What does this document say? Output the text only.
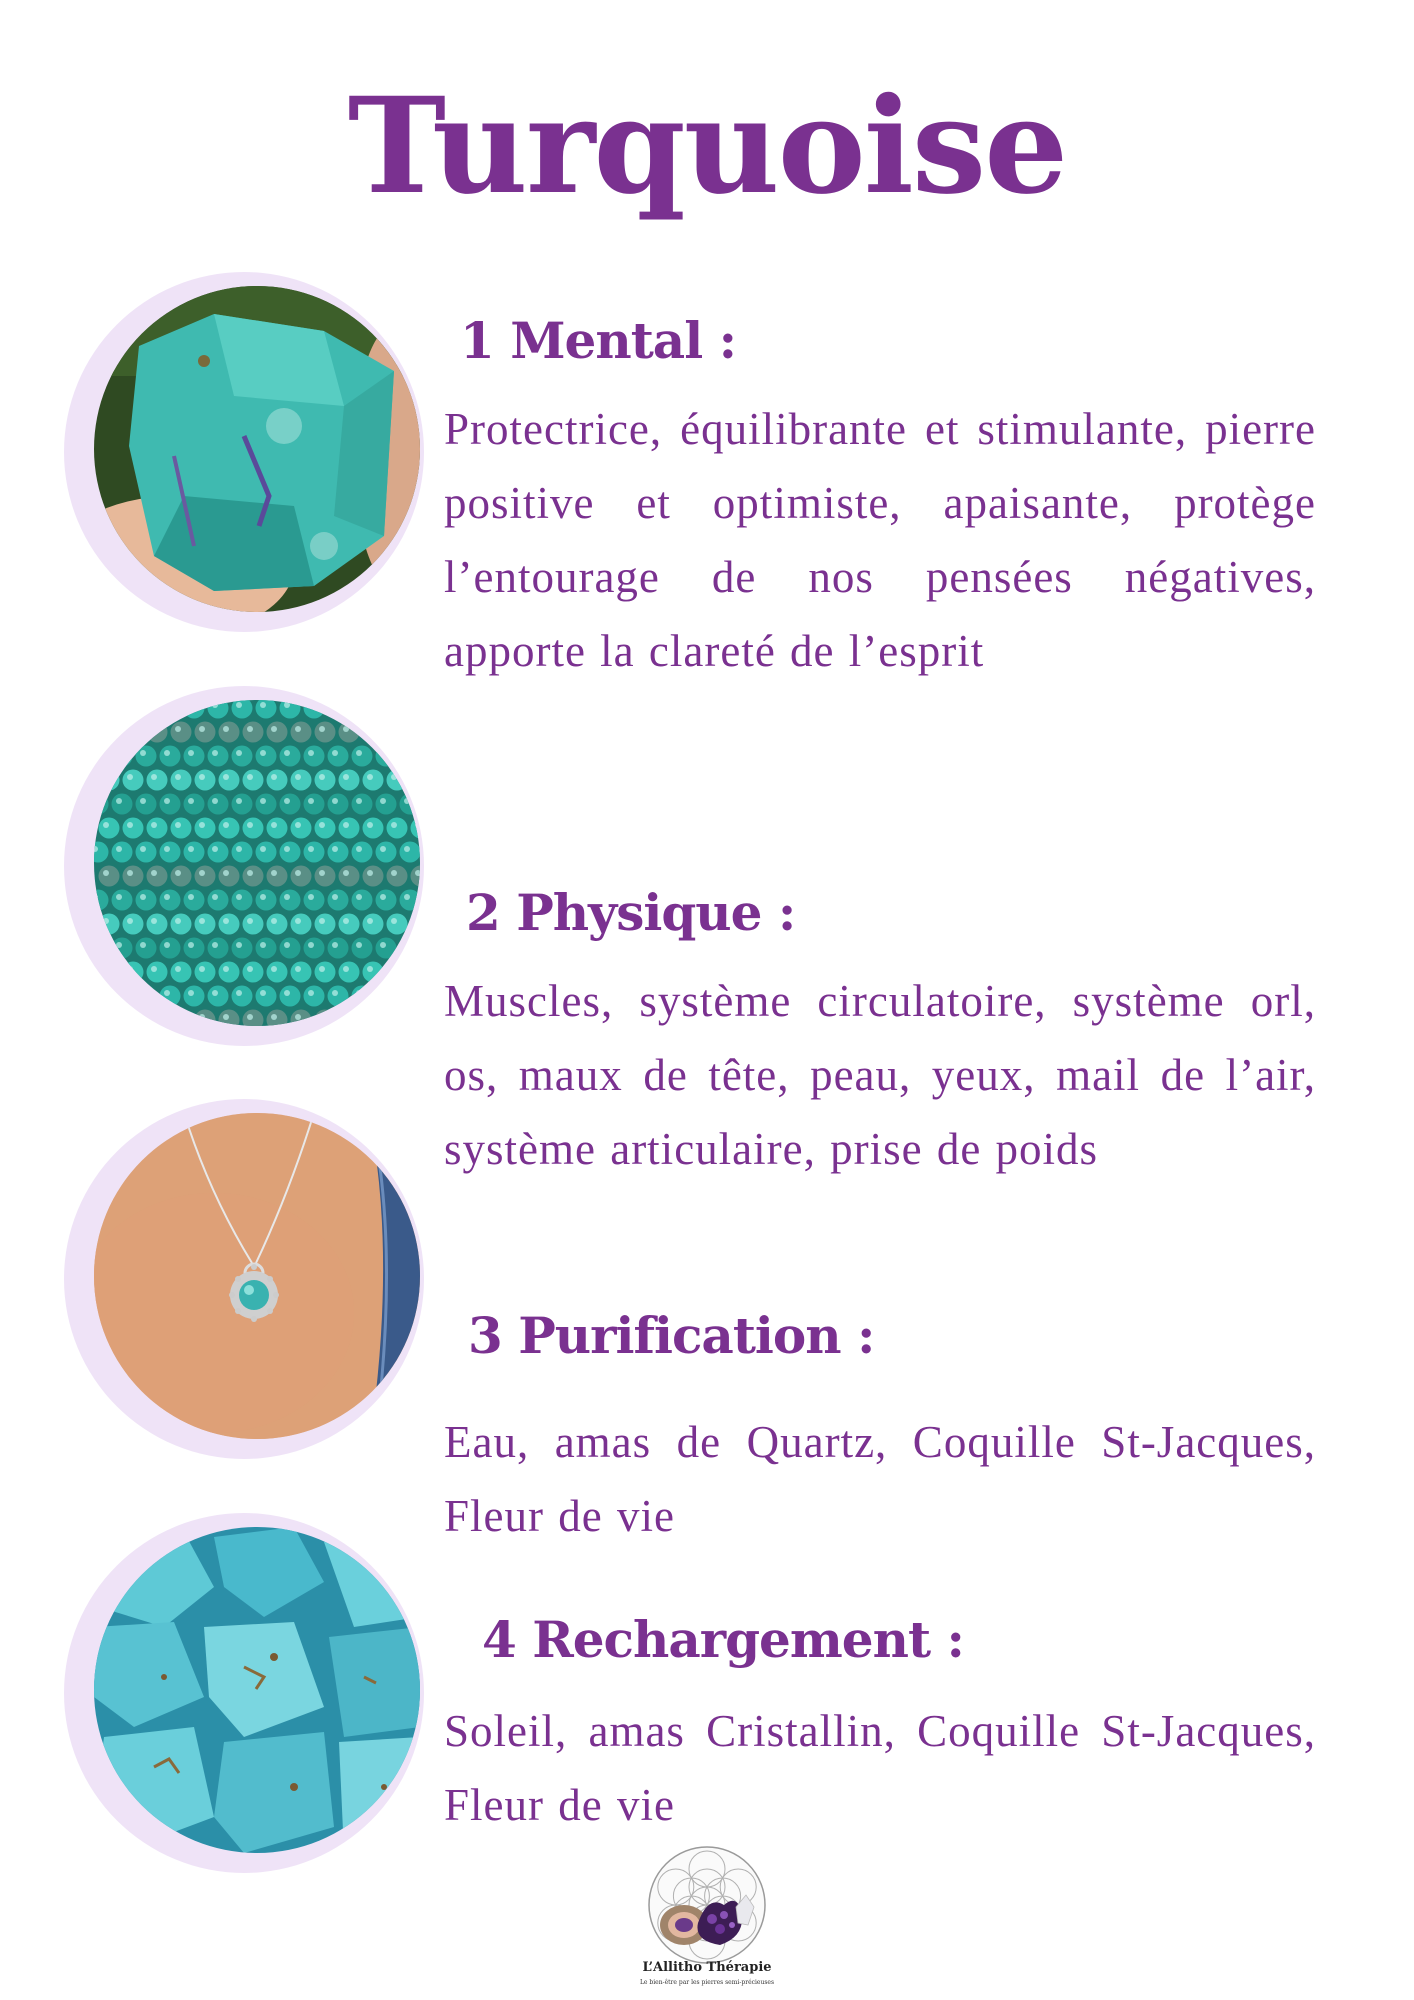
Turquoise
1 Mental :

Protectrice, équilibrante et stimulante, pierre positive et optimiste, apaisante, protège l’entourage de nos pensées négatives, apporte la clareté de l’esprit

2 Physique :

Muscles, système circulatoire, système orl, os, maux de tête, peau, yeux, mail de l’air, système articulaire, prise de poids

3 Purification :

Eau, amas de Quartz, Coquille St-Jacques, Fleur de vie

4 Rechargement :

Soleil, amas Cristallin, Coquille St-Jacques, Fleur de vie

L’Allitho Thérapie
Le bien-être par les pierres semi-précieuses
